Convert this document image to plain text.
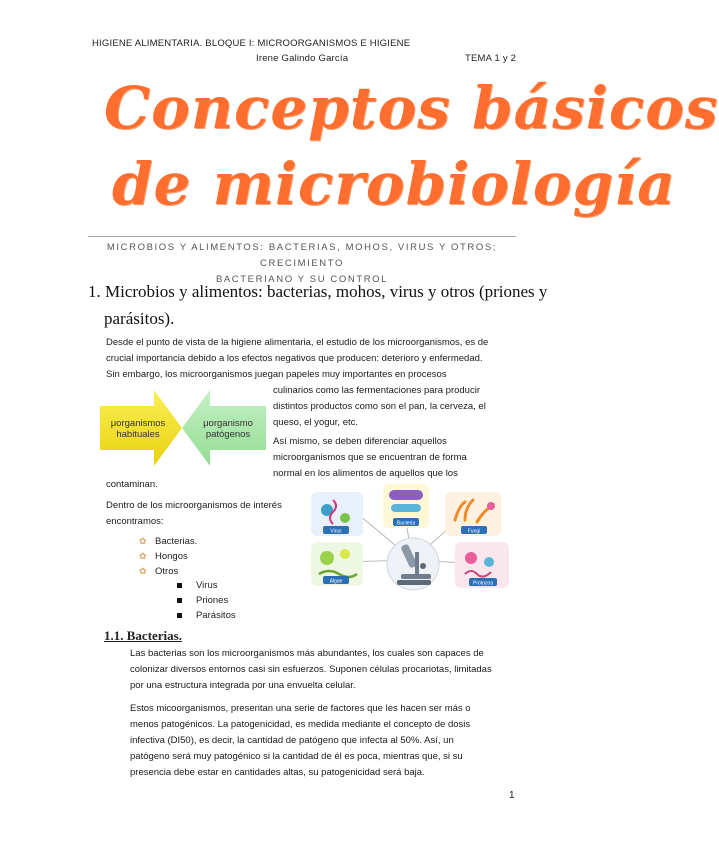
HIGIENE ALIMENTARIA. BLOQUE I: MICROORGANISMOS E HIGIENE
Irene Galindo García	TEMA 1 y 2
Conceptos básicos
de microbiología
MICROBIOS Y ALIMENTOS: BACTERIAS, MOHOS, VIRUS Y OTROS; CRECIMIENTO
BACTERIANO Y SU CONTROL
1. Microbios y alimentos: bacterias, mohos, virus y otros (priones y
parásitos).
Desde el punto de vista de la higiene alimentaria, el estudio de los microorganismos, es de
crucial importancia debido a los efectos negativos que producen: deterioro y enfermedad.
Sin embargo, los microorganismos juegan papeles muy importantes en procesos
culinarios como las fermentaciones para producir
distintos productos como son el pan, la cerveza, el
queso, el yogur, etc.
μorganismos
habituales
μorganismo
patógenos
Así mismo, se deben diferenciar aquellos
microorganismos que se encuentran de forma
normal en los alimentos de aquellos que los
contaminan.
Dentro de los microorganismos de interés
encontramos:
✿ Bacterias.
✿ Hongos
✿ Otros
Virus
Priones
Parásitos
Virus
Bacteria
Fungi
Algae	Protozoa
1.1. Bacterias.
Las bacterias son los microorganismos más abundantes, los cuales son capaces de
colonizar diversos entornos casi sin esfuerzos. Suponen células procariotas, limitadas
por una estructura integrada por una envuelta celular.
Estos micoorganismos, presentan una serie de factores que les hacen ser más o
menos patogénicos. La patogenicidad, es medida mediante el concepto de dosis
infectiva (DI50), es decir, la cantidad de patógeno que infecta al 50%. Así, un
patógeno será muy patogénico si la cantidad de él es poca, mientras que, si su
presencia debe estar en cantidades altas, su patogenicidad será baja.
1
